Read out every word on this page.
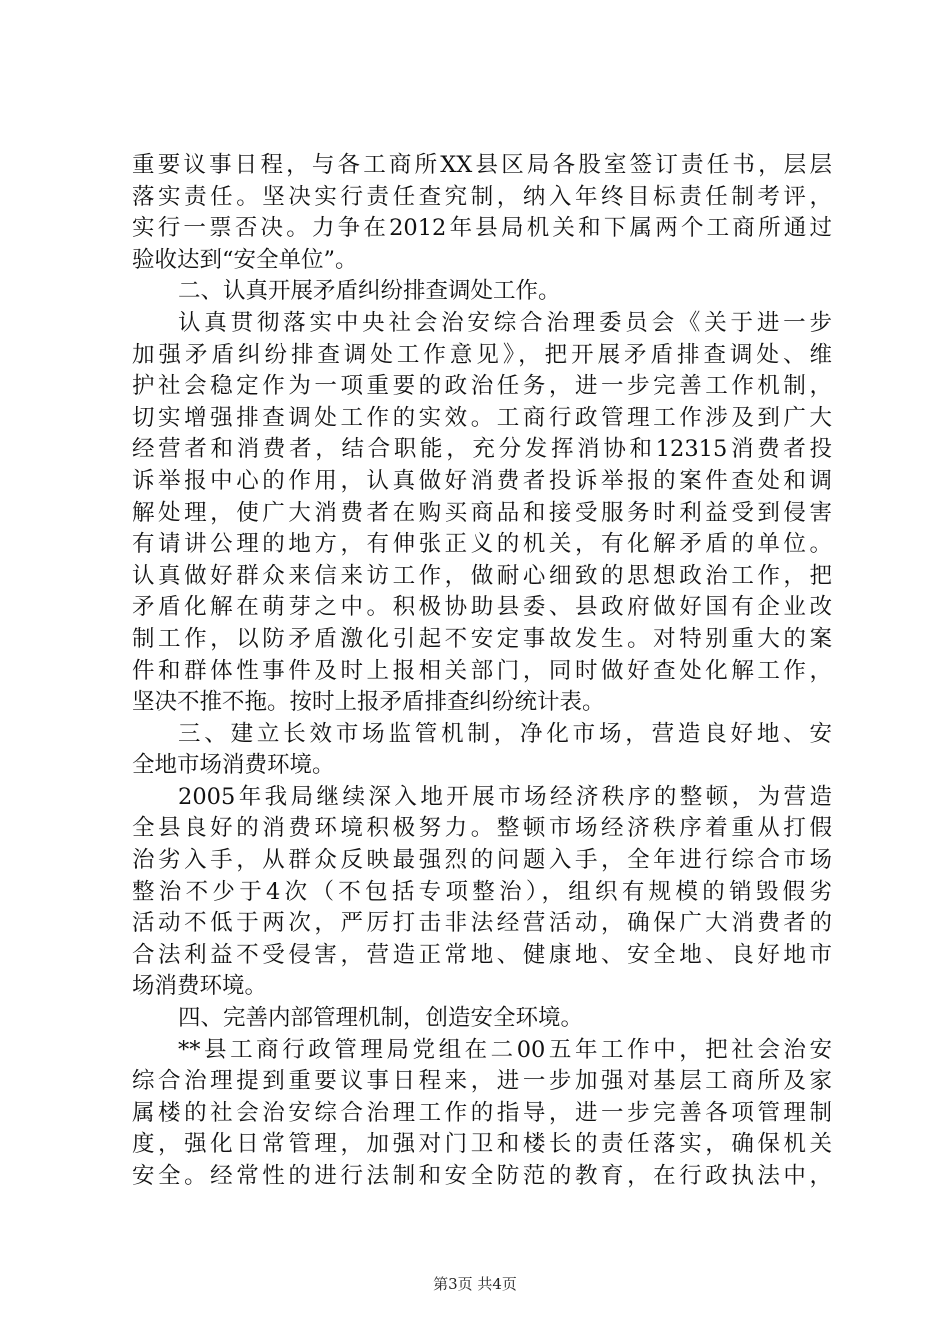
重要议事日程，与各工商所XX县区局各股室签订责任书，层层
落实责任。坚决实行责任查究制，纳入年终目标责任制考评，
实行一票否决。力争在2012年县局机关和下属两个工商所通过
验收达到“安全单位”。
二、认真开展矛盾纠纷排查调处工作。
认真贯彻落实中央社会治安综合治理委员会《关于进一步
加强矛盾纠纷排查调处工作意见》，把开展矛盾排查调处、维
护社会稳定作为一项重要的政治任务，进一步完善工作机制，
切实增强排查调处工作的实效。工商行政管理工作涉及到广大
经营者和消费者，结合职能，充分发挥消协和12315消费者投
诉举报中心的作用，认真做好消费者投诉举报的案件查处和调
解处理，使广大消费者在购买商品和接受服务时利益受到侵害
有请讲公理的地方，有伸张正义的机关，有化解矛盾的单位。
认真做好群众来信来访工作，做耐心细致的思想政治工作，把
矛盾化解在萌芽之中。积极协助县委、县政府做好国有企业改
制工作，以防矛盾激化引起不安定事故发生。对特别重大的案
件和群体性事件及时上报相关部门，同时做好查处化解工作，
坚决不推不拖。按时上报矛盾排查纠纷统计表。
三、建立长效市场监管机制，净化市场，营造良好地、安
全地市场消费环境。
2005年我局继续深入地开展市场经济秩序的整顿，为营造
全县良好的消费环境积极努力。整顿市场经济秩序着重从打假
治劣入手，从群众反映最强烈的问题入手，全年进行综合市场
整治不少于4次（不包括专项整治），组织有规模的销毁假劣
活动不低于两次，严厉打击非法经营活动，确保广大消费者的
合法利益不受侵害，营造正常地、健康地、安全地、良好地市
场消费环境。
四、完善内部管理机制，创造安全环境。
**县工商行政管理局党组在二00五年工作中，把社会治安
综合治理提到重要议事日程来，进一步加强对基层工商所及家
属楼的社会治安综合治理工作的指导，进一步完善各项管理制
度，强化日常管理，加强对门卫和楼长的责任落实，确保机关
安全。经常性的进行法制和安全防范的教育，在行政执法中，
第3页 共4页
